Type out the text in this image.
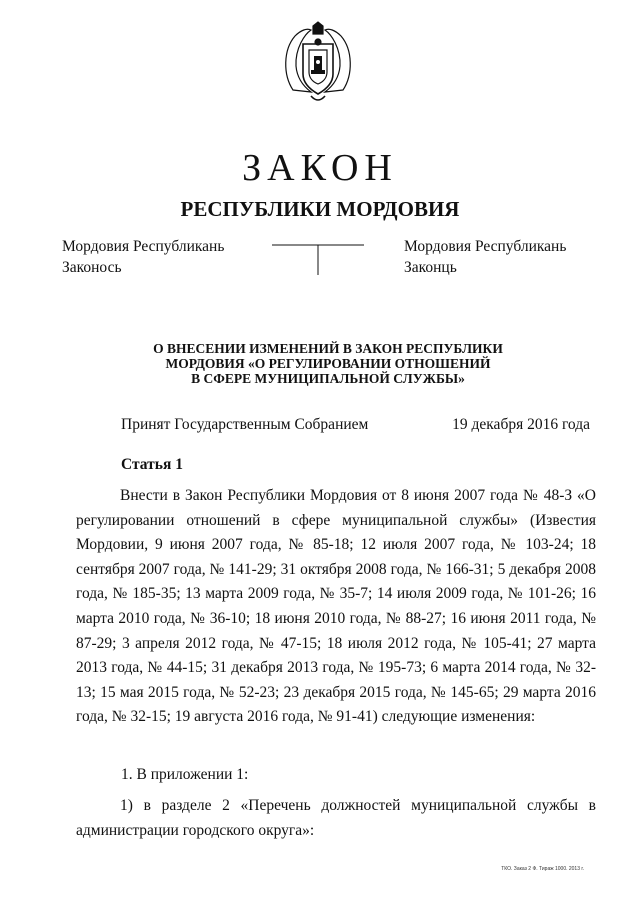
ЗАКОН
РЕСПУБЛИКИ МОРДОВИЯ
Мордовия Республикань
Законось
Мордовия Республикань
Законць
О ВНЕСЕНИИ ИЗМЕНЕНИЙ В ЗАКОН РЕСПУБЛИКИ
МОРДОВИЯ «О РЕГУЛИРОВАНИИ ОТНОШЕНИЙ
В СФЕРЕ МУНИЦИПАЛЬНОЙ СЛУЖБЫ»
Принят Государственным Собранием	19 декабря 2016 года
Статья 1

Внести в Закон Республики Мордовия от 8 июня 2007 года № 48-З «О регулировании отношений в сфере муниципальной службы» (Известия Мордовии, 9 июня 2007 года, № 85-18; 12 июля 2007 года, № 103-24; 18 сентября 2007 года, № 141-29; 31 октября 2008 года, № 166-31; 5 декабря 2008 года, № 185-35; 13 марта 2009 года, № 35-7; 14 июля 2009 года, № 101-26; 16 марта 2010 года, № 36-10; 18 июня 2010 года, № 88-27; 16 июня 2011 года, № 87-29; 3 апреля 2012 года, № 47-15; 18 июля 2012 года, № 105-41; 27 марта 2013 года, № 44-15; 31 декабря 2013 года, № 195-73; 6 марта 2014 года, № 32-13; 15 мая 2015 года, № 52-23; 23 декабря 2015 года, № 145-65; 29 марта 2016 года, № 32-15; 19 августа 2016 года, № 91-41) следующие изменения:

1. В приложении 1:

1) в разделе 2 «Перечень должностей муниципальной службы в администрации городского округа»:

ТКО. Заказ 2 Ф. Тираж 1000. 2013 г.
